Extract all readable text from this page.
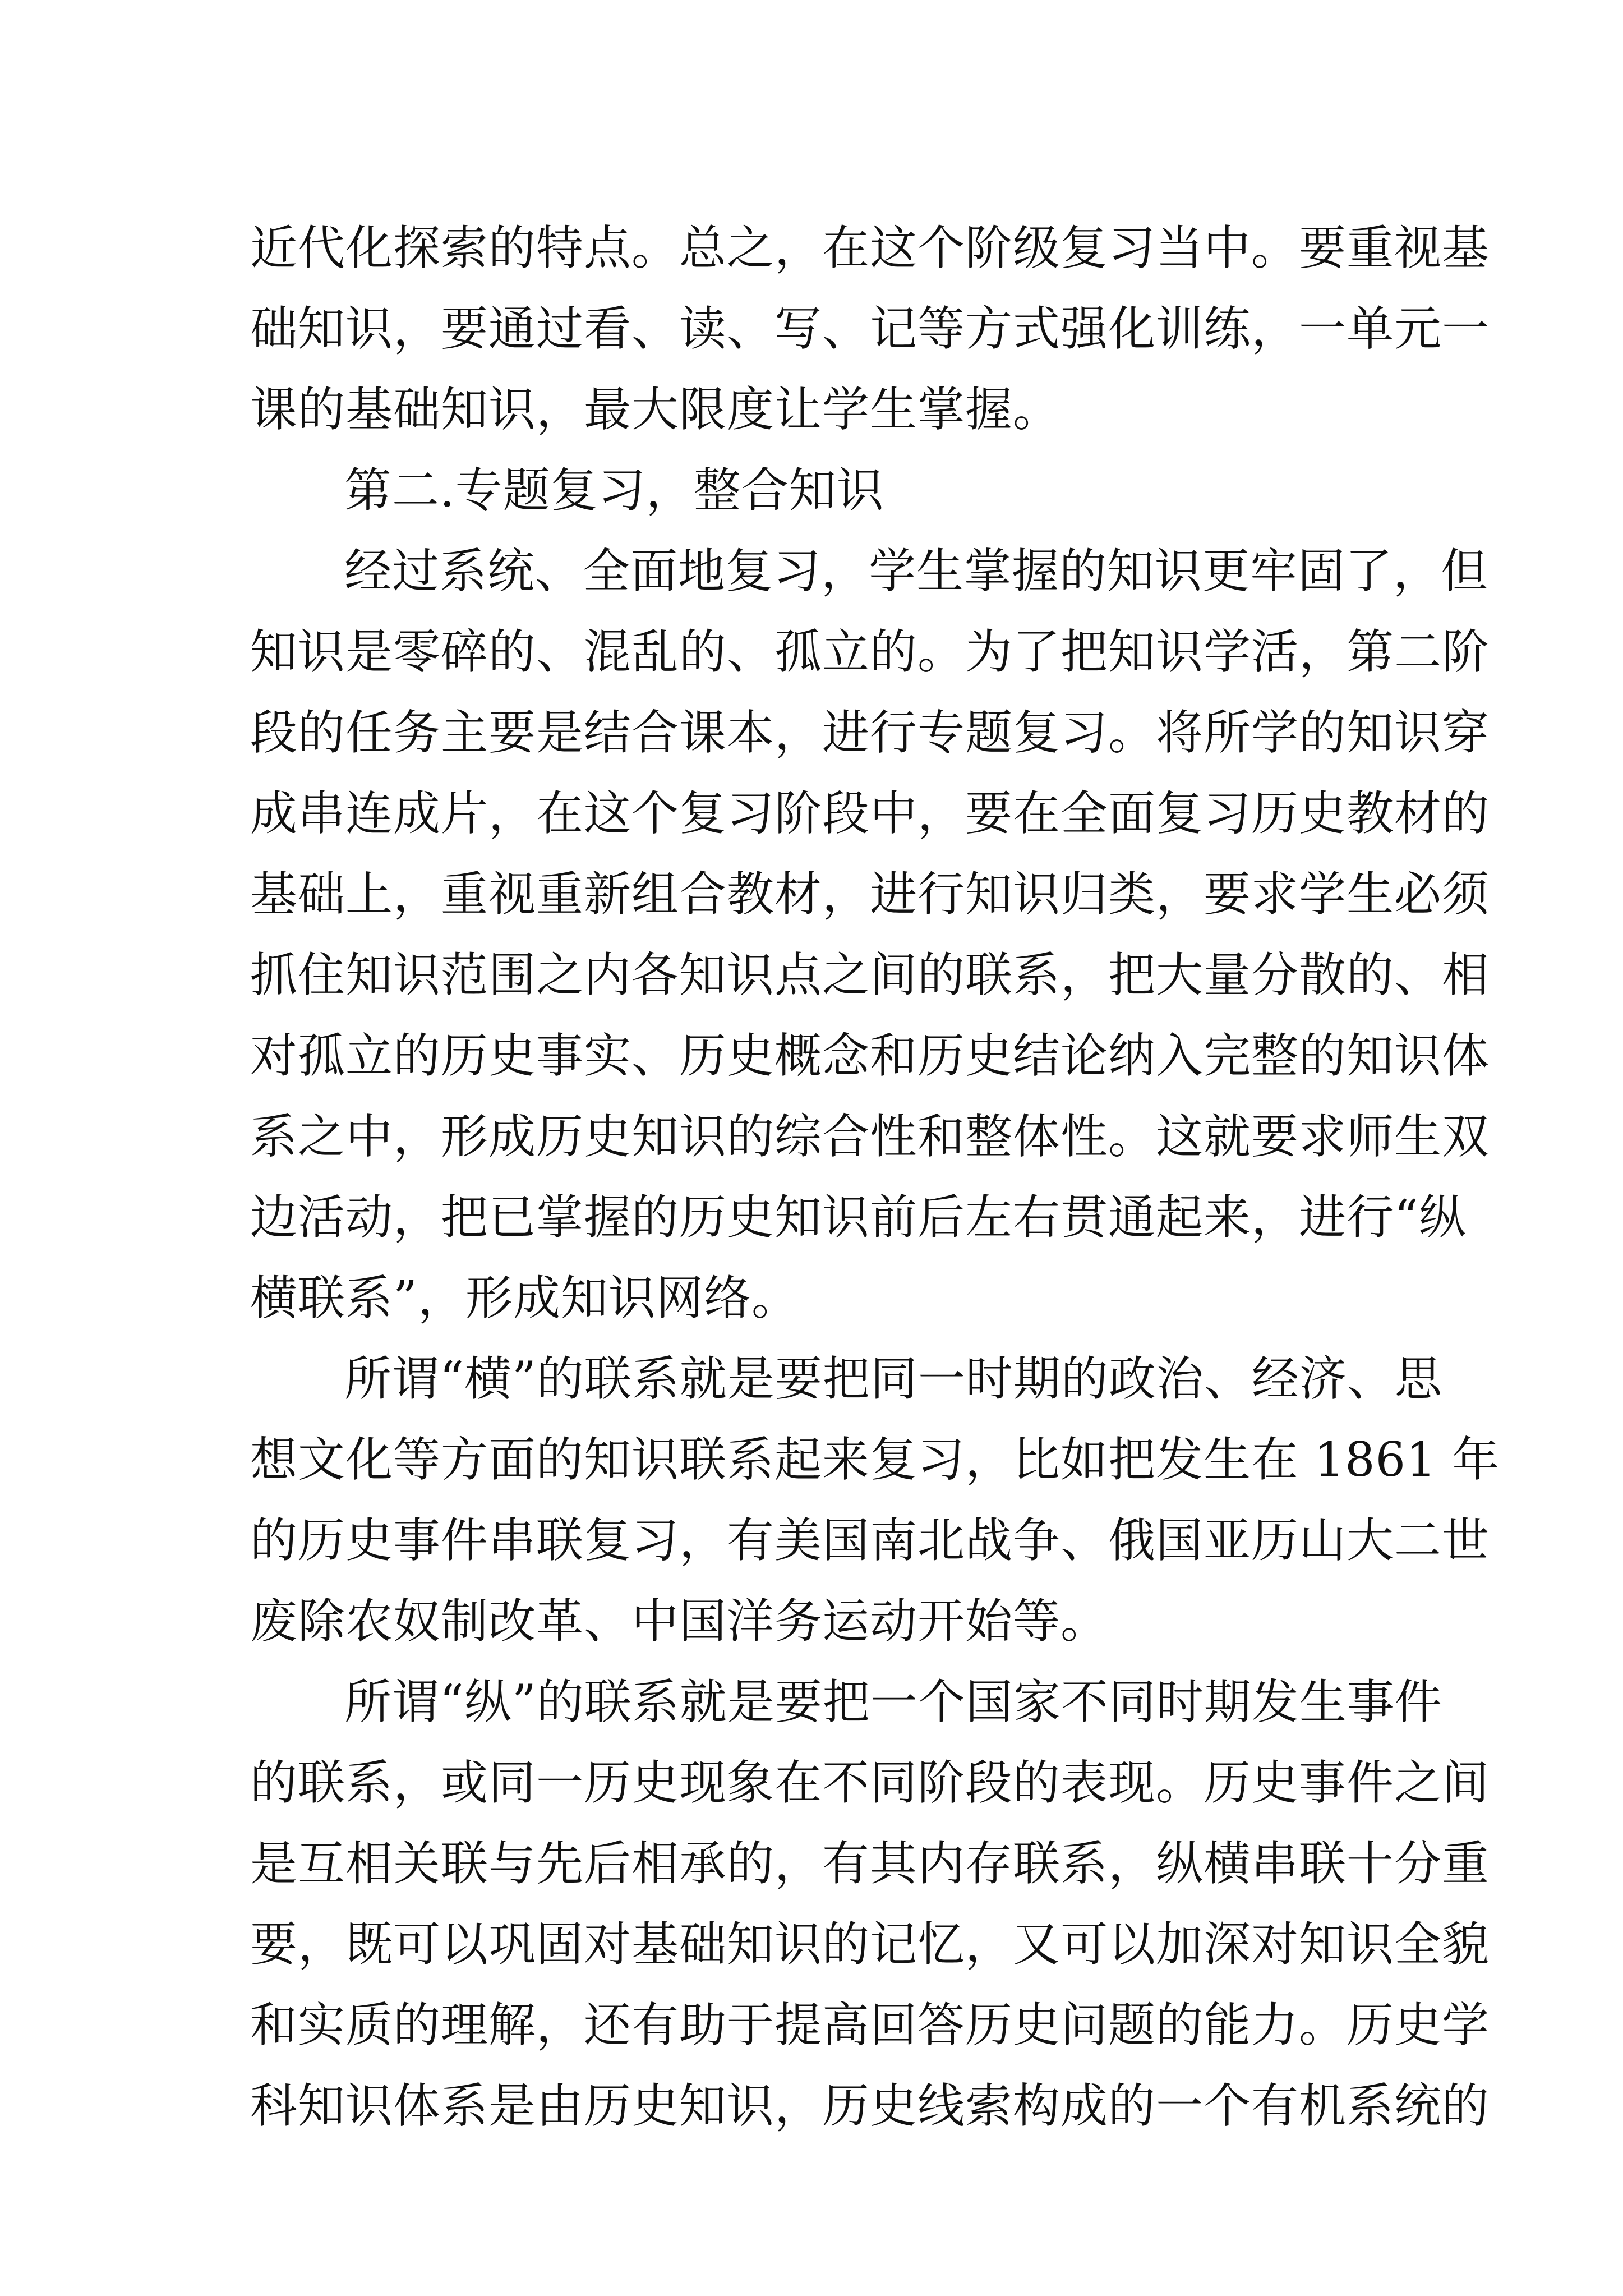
近代化探索的特点。总之，在这个阶级复习当中。要重视基
础知识，要通过看、读、写、记等方式强化训练，一单元一
课的基础知识，最大限度让学生掌握。
第二.专题复习，整合知识
经过系统、全面地复习，学生掌握的知识更牢固了，但
知识是零碎的、混乱的、孤立的。为了把知识学活，第二阶
段的任务主要是结合课本，进行专题复习。将所学的知识穿
成串连成片，在这个复习阶段中，要在全面复习历史教材的
基础上，重视重新组合教材，进行知识归类，要求学生必须
抓住知识范围之内各知识点之间的联系，把大量分散的、相
对孤立的历史事实、历史概念和历史结论纳入完整的知识体
系之中，形成历史知识的综合性和整体性。这就要求师生双
边活动，把已掌握的历史知识前后左右贯通起来，进行“纵
横联系”，形成知识网络。
所谓“横”的联系就是要把同一时期的政治、经济、思
想文化等方面的知识联系起来复习，比如把发生在 1861 年
的历史事件串联复习，有美国南北战争、俄国亚历山大二世
废除农奴制改革、中国洋务运动开始等。
所谓“纵”的联系就是要把一个国家不同时期发生事件
的联系，或同一历史现象在不同阶段的表现。历史事件之间
是互相关联与先后相承的，有其内存联系，纵横串联十分重
要，既可以巩固对基础知识的记忆，又可以加深对知识全貌
和实质的理解，还有助于提高回答历史问题的能力。历史学
科知识体系是由历史知识，历史线索构成的一个有机系统的
